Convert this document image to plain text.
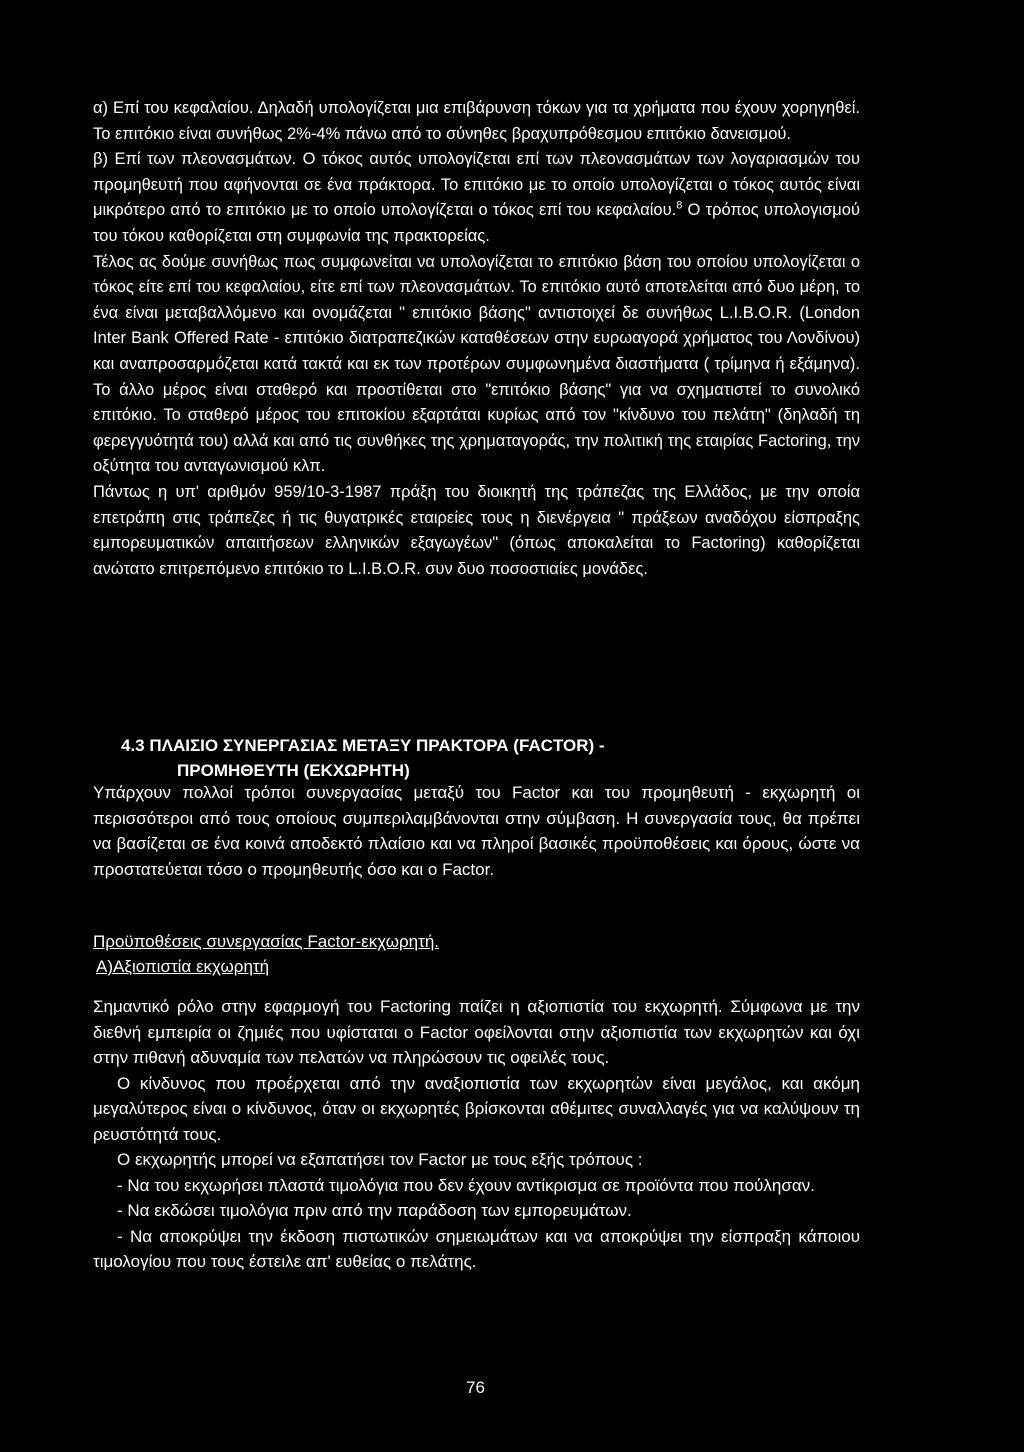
α) Επί του κεφαλαίου. Δηλαδή υπολογίζεται μια επιβάρυνση τόκων για τα χρήματα που έχουν χορηγηθεί. Το επιτόκιο είναι συνήθως 2%-4% πάνω από το σύνηθες βραχυπρόθεσμου επιτόκιο δανεισμού.

β) Επί των πλεονασμάτων. Ο τόκος αυτός υπολογίζεται επί των πλεονασμάτων των λογαριασμών του προμηθευτή που αφήνονται σε ένα πράκτορα. Το επιτόκιο με το οποίο υπολογίζεται ο τόκος αυτός είναι μικρότερο από το επιτόκιο με το οποίο υπολογίζεται ο τόκος επί του κεφαλαίου.$^8$ Ο τρόπος υπολογισμού του τόκου καθορίζεται στη συμφωνία της πρακτορείας.

Τέλος ας δούμε συνήθως πως συμφωνείται να υπολογίζεται το επιτόκιο βάση του οποίου υπολογίζεται ο τόκος είτε επί του κεφαλαίου, είτε επί των πλεονασμάτων. Το επιτόκιο αυτό αποτελείται από δυο μέρη, το ένα είναι μεταβαλλόμενο και ονομάζεται " επιτόκιο βάσης" αντιστοιχεί δε συνήθως L.I.B.O.R. (London Inter Bank Offered Rate - επιτόκιο διατραπεζικών καταθέσεων στην ευρωαγορά χρήματος του Λονδίνου) και αναπροσαρμόζεται κατά τακτά και εκ των προτέρων συμφωνημένα διαστήματα ( τρίμηνα ή εξάμηνα). Το άλλο μέρος είναι σταθερό και προστίθεται στο "επιτόκιο βάσης" για να σχηματιστεί το συνολικό επιτόκιο. Το σταθερό μέρος του επιτοκίου εξαρτάται κυρίως από τον "κίνδυνο του πελάτη" (δηλαδή τη φερεγγυότητά του) αλλά και από τις συνθήκες της χρηματαγοράς, την πολιτική της εταιρίας Factoring, την οξύτητα του ανταγωνισμού κλπ.

Πάντως η υπ' αριθμόν 959/10-3-1987 πράξη του διοικητή της τράπεζας της Ελλάδος, με την οποία επετράπη στις τράπεζες ή τις θυγατρικές εταιρείες τους η διενέργεια " πράξεων αναδόχου είσπραξης εμπορευματικών απαιτήσεων ελληνικών εξαγωγέων" (όπως αποκαλείται το Factoring) καθορίζεται ανώτατο επιτρεπόμενο επιτόκιο το L.I.B.O.R. συν δυο ποσοστιαίες μονάδες.

4.3 ΠΛΑΙΣΙΟ ΣΥΝΕΡΓΑΣΙΑΣ ΜΕΤΑΞΥ ΠΡΑΚΤΟΡΑ (FACTOR) -
ΠΡΟΜΗΘΕΥΤΗ (ΕΚΧΩΡΗΤΗ)

Υπάρχουν πολλοί τρόποι συνεργασίας μεταξύ του Factor και του προμηθευτή - εκχωρητή οι περισσότεροι από τους οποίους συμπεριλαμβάνονται στην σύμβαση. Η συνεργασία τους, θα πρέπει να βασίζεται σε ένα κοινά αποδεκτό πλαίσιο και να πληροί βασικές προϋποθέσεις και όρους, ώστε να προστατεύεται τόσο ο προμηθευτής όσο και ο Factor.

Προϋποθέσεις συνεργασίας Factor-εκχωρητή.
Α)Αξιοπιστία εκχωρητή

Σημαντικό ρόλο στην εφαρμογή του Factoring παίζει η αξιοπιστία του εκχωρητή. Σύμφωνα με την διεθνή εμπειρία οι ζημιές που υφίσταται ο Factor οφείλονται στην αξιοπιστία των εκχωρητών και όχι στην πιθανή αδυναμία των πελατών να πληρώσουν τις οφειλές τους.

Ο κίνδυνος που προέρχεται από την αναξιοπιστία των εκχωρητών είναι μεγάλος, και ακόμη μεγαλύτερος είναι ο κίνδυνος, όταν οι εκχωρητές βρίσκονται αθέμιτες συναλλαγές για να καλύψουν τη ρευστότητά τους.

Ο εκχωρητής μπορεί να εξαπατήσει τον Factor με τους εξής τρόπους :

- Να του εκχωρήσει πλαστά τιμολόγια που δεν έχουν αντίκρισμα σε προϊόντα που πούλησαν.

- Να εκδώσει τιμολόγια πριν από την παράδοση των εμπορευμάτων.

- Να αποκρύψει την έκδοση πιστωτικών σημειωμάτων και να αποκρύψει την είσπραξη κάποιου τιμολογίου που τους έστειλε απ' ευθείας ο πελάτης.

76
